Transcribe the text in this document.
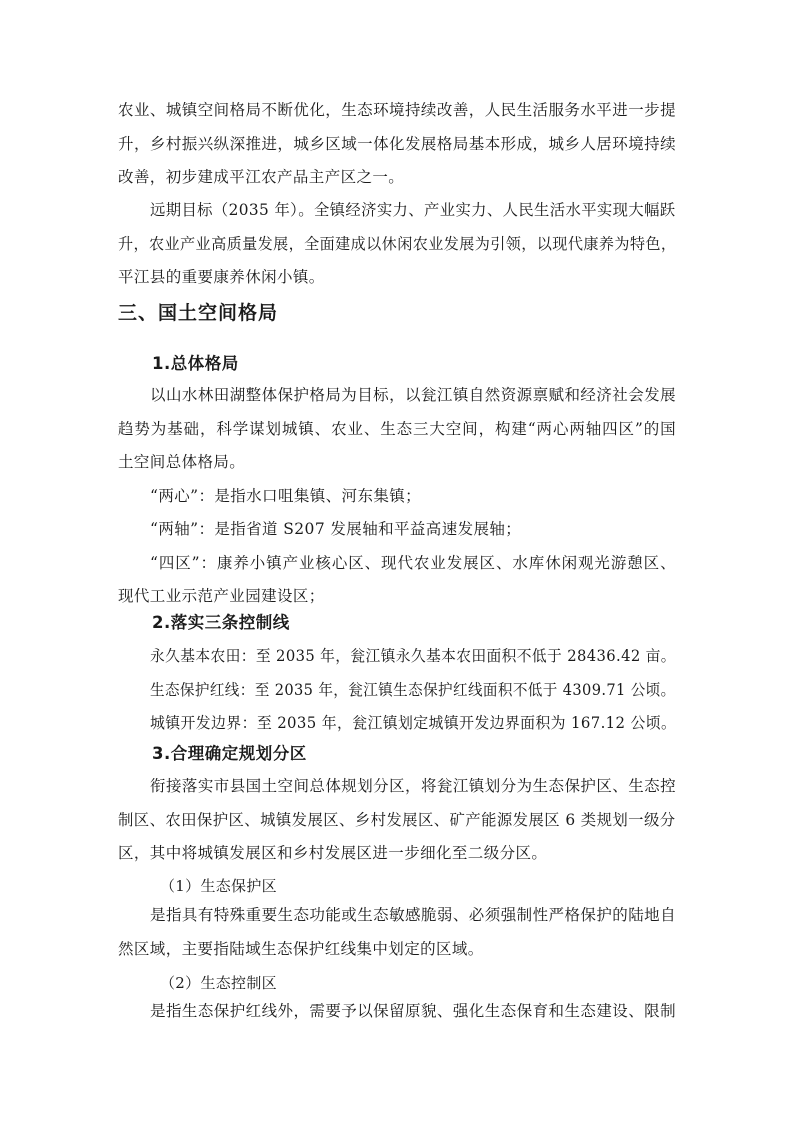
农业、城镇空间格局不断优化，生态环境持续改善，人民生活服务水平进一步提
升，乡村振兴纵深推进，城乡区域一体化发展格局基本形成，城乡人居环境持续
改善，初步建成平江农产品主产区之一。
远期目标（2035 年）。全镇经济实力、产业实力、人民生活水平实现大幅跃
升，农业产业高质量发展，全面建成以休闲农业发展为引领，以现代康养为特色，
平江县的重要康养休闲小镇。
三、国土空间格局
1.总体格局
以山水林田湖整体保护格局为目标，以瓮江镇自然资源禀赋和经济社会发展
趋势为基础，科学谋划城镇、农业、生态三大空间，构建“两心两轴四区”的国
土空间总体格局。
“两心”：是指水口咀集镇、河东集镇；
“两轴”：是指省道 S207 发展轴和平益高速发展轴；
“四区”：康养小镇产业核心区、现代农业发展区、水库休闲观光游憩区、
现代工业示范产业园建设区；
2.落实三条控制线
永久基本农田：至 2035 年，瓮江镇永久基本农田面积不低于 28436.42 亩。
生态保护红线：至 2035 年，瓮江镇生态保护红线面积不低于 4309.71 公顷。
城镇开发边界：至 2035 年，瓮江镇划定城镇开发边界面积为 167.12 公顷。
3.合理确定规划分区
衔接落实市县国土空间总体规划分区，将瓮江镇划分为生态保护区、生态控
制区、农田保护区、城镇发展区、乡村发展区、矿产能源发展区 6 类规划一级分
区，其中将城镇发展区和乡村发展区进一步细化至二级分区。

（1）生态保护区

是指具有特殊重要生态功能或生态敏感脆弱、必须强制性严格保护的陆地自
然区域，主要指陆域生态保护红线集中划定的区域。

（2）生态控制区

是指生态保护红线外，需要予以保留原貌、强化生态保育和生态建设、限制
